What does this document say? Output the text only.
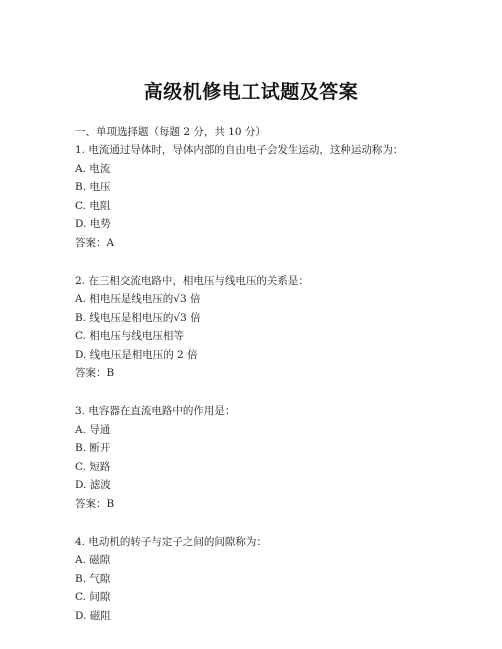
高级机修电工试题及答案
一、单项选择题（每题 2 分，共 10 分）
1. 电流通过导体时，导体内部的自由电子会发生运动，这种运动称为：
A. 电流
B. 电压
C. 电阻
D. 电势
答案：A
2. 在三相交流电路中，相电压与线电压的关系是：
A. 相电压是线电压的√3 倍
B. 线电压是相电压的√3 倍
C. 相电压与线电压相等
D. 线电压是相电压的 2 倍
答案：B
3. 电容器在直流电路中的作用是：
A. 导通
B. 断开
C. 短路
D. 滤波
答案：B
4. 电动机的转子与定子之间的间隙称为：
A. 磁隙
B. 气隙
C. 间隙
D. 磁阻
